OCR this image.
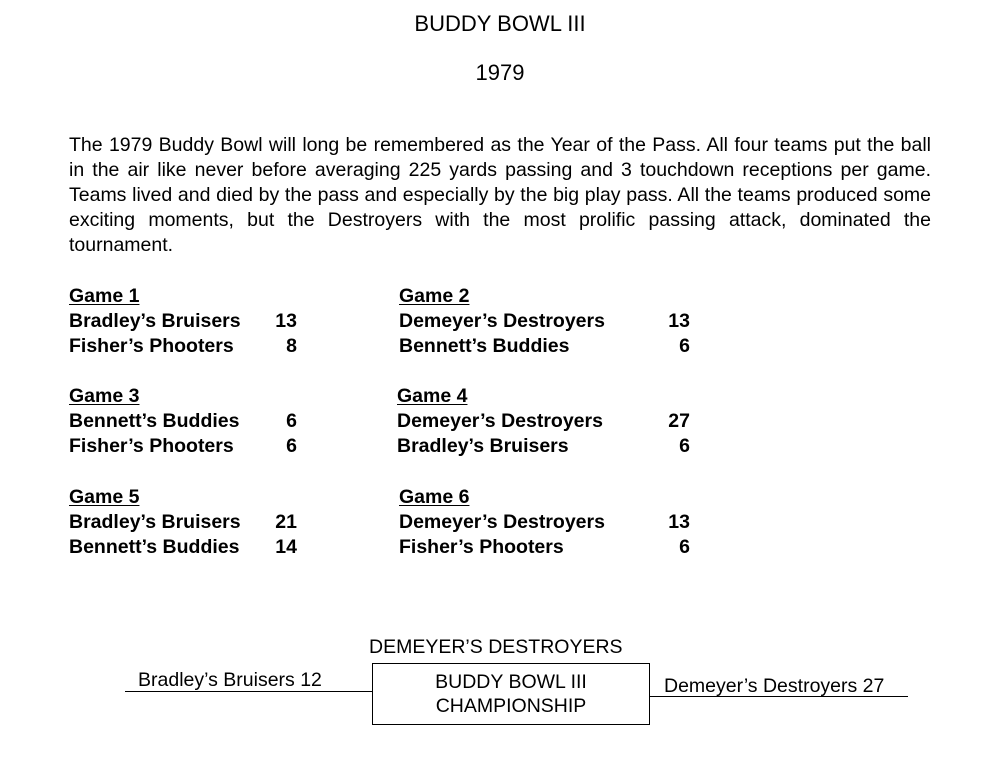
BUDDY BOWL III
1979
The 1979 Buddy Bowl will long be remembered as the Year of the Pass. All four teams put the ball in the air like never before averaging 225 yards passing and 3 touchdown receptions per game. Teams lived and died by the pass and especially by the big play pass. All the teams produced some exciting moments, but the Destroyers with the most prolific passing attack, dominated the tournament.
Game 1
Bradley’s Bruisers 13
Fisher’s Phooters	8
Game 2
Demeyer’s Destroyers	13
Bennett’s Buddies	6
Game 3
Bennett’s Buddies 6
Fisher’s Phooters	6
Game 4
Demeyer’s Destroyers	27
Bradley’s Bruisers	6
Game 5
Bradley’s Bruisers 21
Bennett’s Buddies 14
Game 6
Demeyer’s Destroyers	13
Fisher’s Phooters	6
DEMEYER’S DESTROYERS
Bradley’s Bruisers 12	BUDDY BOWL III
CHAMPIONSHIP
Demeyer’s Destroyers 27
